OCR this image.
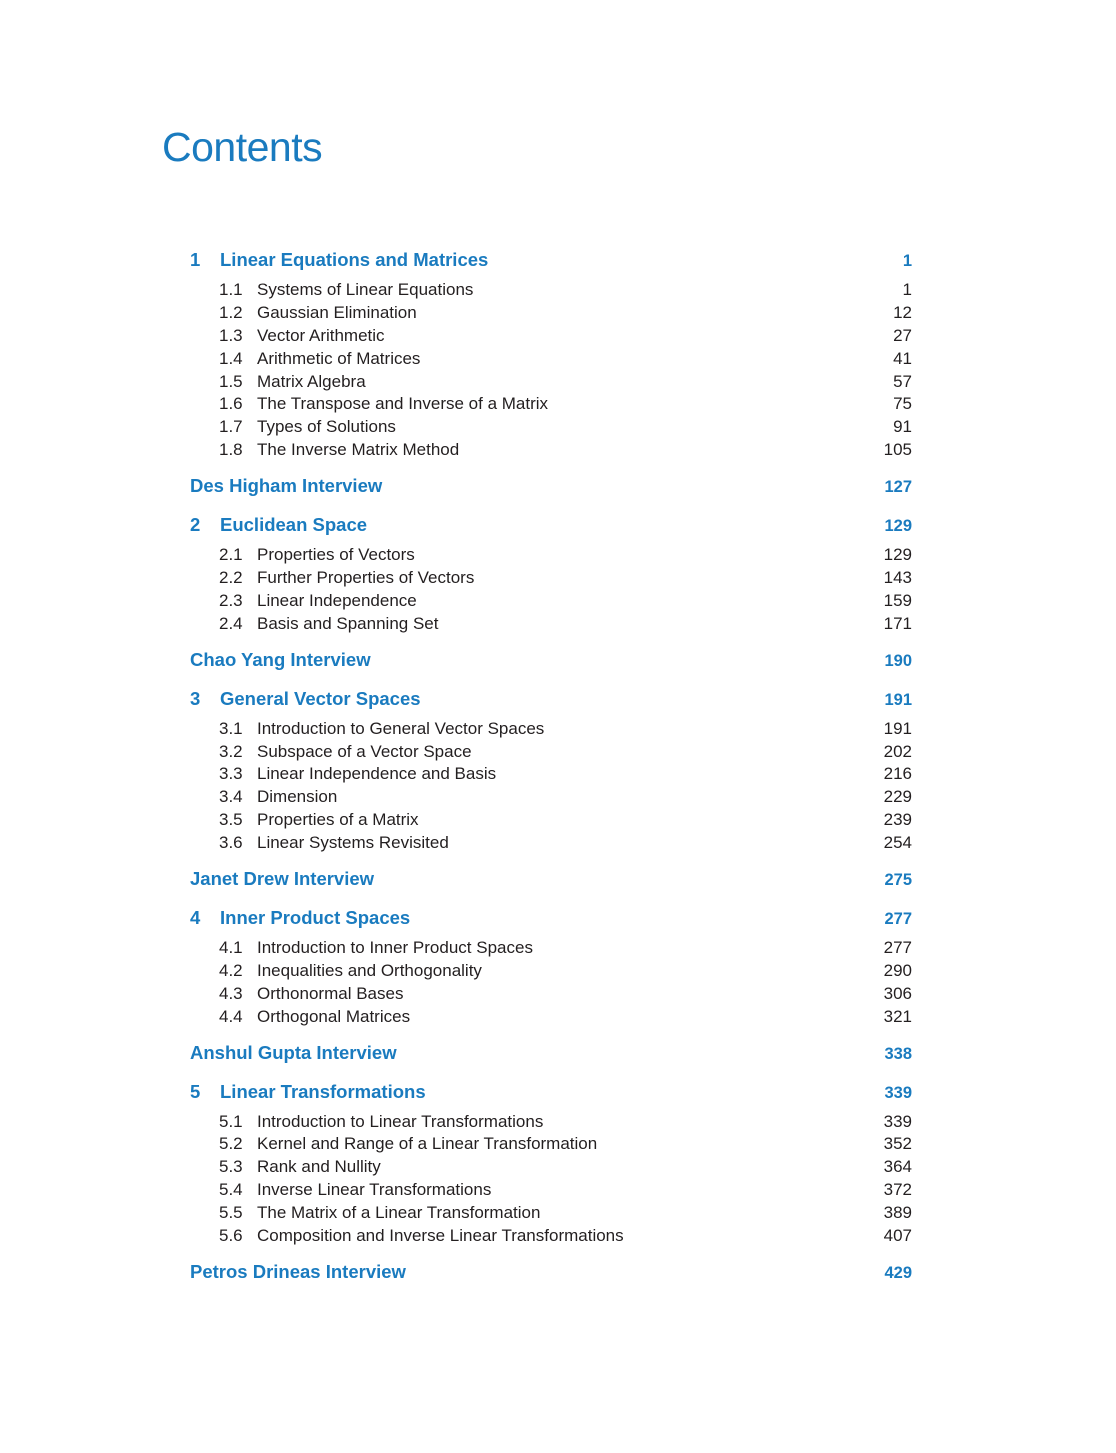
Contents
1	Linear Equations and Matrices	1
1.1 Systems of Linear Equations	1
1.2 Gaussian Elimination	12
1.3 Vector Arithmetic	27
1.4 Arithmetic of Matrices	41
1.5 Matrix Algebra	57
1.6 The Transpose and Inverse of a Matrix	75
1.7 Types of Solutions	91
1.8 The Inverse Matrix Method	105
Des Higham Interview	127
2	Euclidean Space	129
2.1 Properties of Vectors	129
2.2 Further Properties of Vectors	143
2.3 Linear Independence	159
2.4 Basis and Spanning Set	171
Chao Yang Interview	190
3	General Vector Spaces	191
3.1 Introduction to General Vector Spaces	191
3.2 Subspace of a Vector Space	202
3.3 Linear Independence and Basis	216
3.4 Dimension	229
3.5 Properties of a Matrix	239
3.6 Linear Systems Revisited	254
Janet Drew Interview	275
4	Inner Product Spaces	277
4.1 Introduction to Inner Product Spaces	277
4.2 Inequalities and Orthogonality	290
4.3 Orthonormal Bases	306
4.4 Orthogonal Matrices	321
Anshul Gupta Interview	338
5	Linear Transformations	339
5.1 Introduction to Linear Transformations	339
5.2 Kernel and Range of a Linear Transformation	352
5.3 Rank and Nullity	364
5.4 Inverse Linear Transformations	372
5.5 The Matrix of a Linear Transformation	389
5.6 Composition and Inverse Linear Transformations	407
Petros Drineas Interview	429
